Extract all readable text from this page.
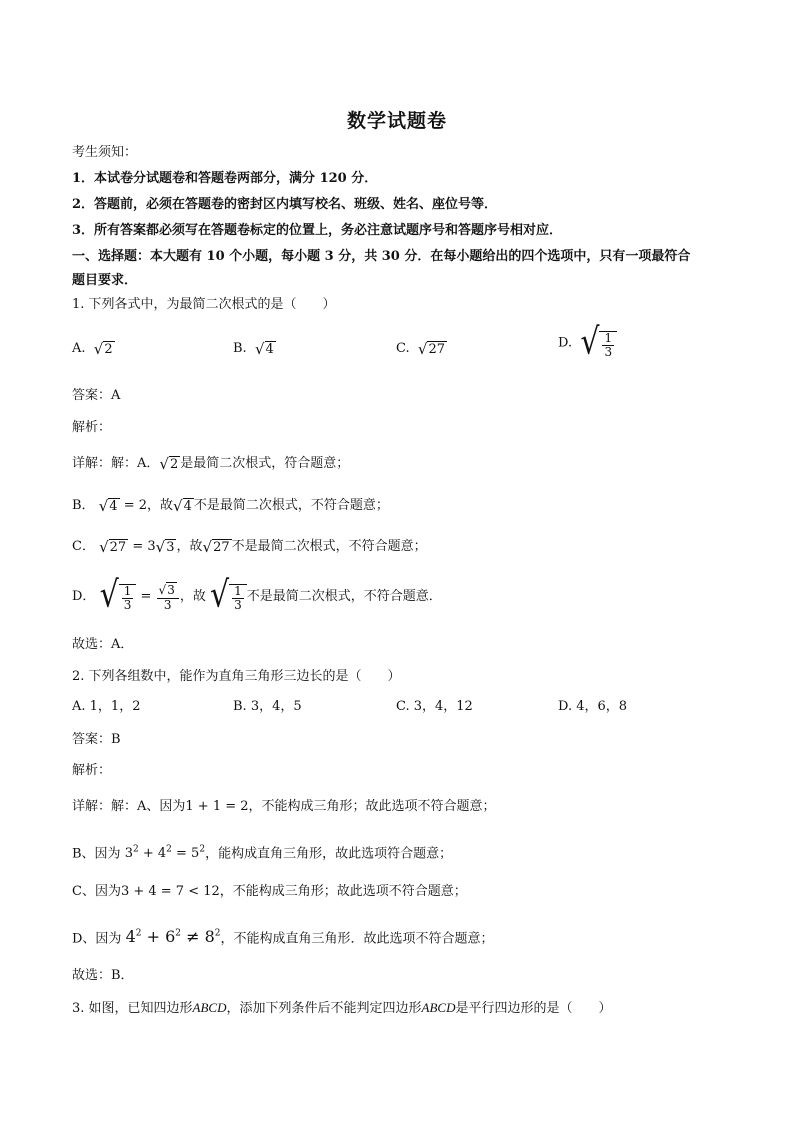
数学试题卷
考生须知：
1．本试卷分试题卷和答题卷两部分，满分 120 分．
2．答题前，必须在答题卷的密封区内填写校名、班级、姓名、座位号等．
3．所有答案都必须写在答题卷标定的位置上，务必注意试题序号和答题序号相对应．
一、选择题：本大题有 10 个小题，每小题 3 分，共 30 分．在每小题给出的四个选项中，只有一项最符合
题目要求．
1. 下列各式中，为最简二次根式的是（　　）
A. √ 2	B. √ 4	C. √ 27	D. √ $\frac{1}{3}$
答案：A
解析：
详解：解：A． √ 2 是最简二次根式，符合题意；
B． √ 4 = 2，故 √ 4 不是最简二次根式，不符合题意；
C． √ 27 = 3 √ 3 ，故 √ 27 不是最简二次根式，不符合题意；
D． √ $\frac{1}{3} = \frac{√ 3}{3}$ ，故 √ $\frac{1}{3}$ 不是最简二次根式，不符合题意．
故选：A．
2. 下列各组数中，能作为直角三角形三边长的是（　　）
A. 1，1，2	B. 3，4，5	C. 3，4，12	D. 4，6，8
答案：B
解析：
详解：解：A、因为1 + 1 = 2，不能构成三角形；故此选项不符合题意；
B、因为 $3^2 + 4^2 = 5^2$，能构成直角三角形，故此选项符合题意；
C、因为3 + 4 = 7 < 12，不能构成三角形；故此选项不符合题意；
D、因为 $4^2 + 6^2 \ne 8^2$，不能构成直角三角形．故此选项不符合题意；
故选：B．
3. 如图，已知四边形ABCD，添加下列条件后不能判定四边形ABCD是平行四边形的是（　　）
